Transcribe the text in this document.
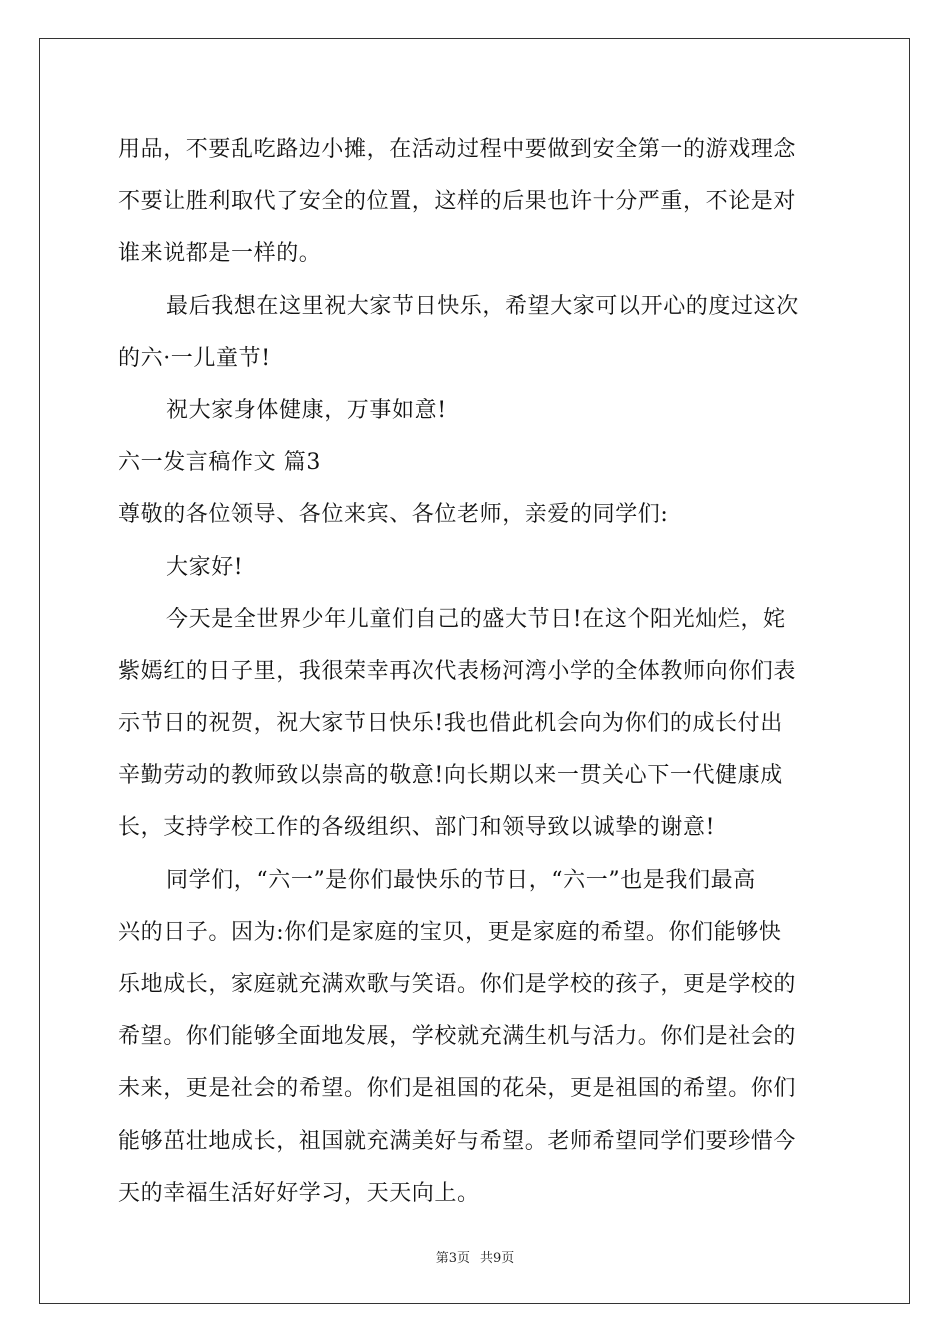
用品，不要乱吃路边小摊，在活动过程中要做到安全第一的游戏理念
不要让胜利取代了安全的位置，这样的后果也许十分严重，不论是对
谁来说都是一样的。
最后我想在这里祝大家节日快乐，希望大家可以开心的度过这次
的六·一儿童节!
祝大家身体健康，万事如意!
六一发言稿作文 篇3
尊敬的各位领导、各位来宾、各位老师，亲爱的同学们:
大家好!
今天是全世界少年儿童们自己的盛大节日!在这个阳光灿烂，姹
紫嫣红的日子里，我很荣幸再次代表杨河湾小学的全体教师向你们表
示节日的祝贺，祝大家节日快乐!我也借此机会向为你们的成长付出
辛勤劳动的教师致以崇高的敬意!向长期以来一贯关心下一代健康成
长，支持学校工作的各级组织、部门和领导致以诚挚的谢意!
同学们，“六一”是你们最快乐的节日，“六一”也是我们最高
兴的日子。因为:你们是家庭的宝贝，更是家庭的希望。你们能够快
乐地成长，家庭就充满欢歌与笑语。你们是学校的孩子，更是学校的
希望。你们能够全面地发展，学校就充满生机与活力。你们是社会的
未来，更是社会的希望。你们是祖国的花朵，更是祖国的希望。你们
能够茁壮地成长，祖国就充满美好与希望。老师希望同学们要珍惜今
天的幸福生活好好学习，天天向上。
第3页 共9页
